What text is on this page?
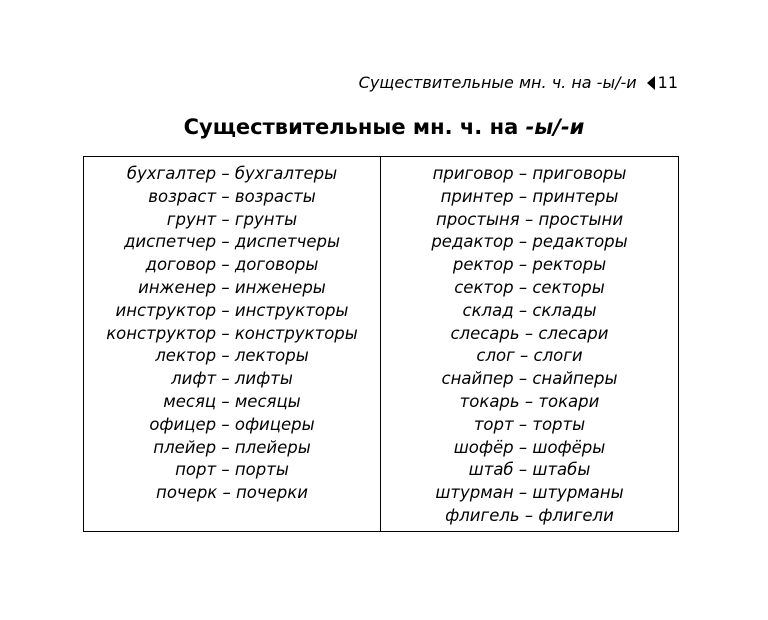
Существительные мн. ч. на -ы/-и 11
Существительные мн. ч. на -ы/-и
бухгалтер – бухгалтеры
возраст – возрасты
грунт – грунты
диспетчер – диспетчеры
договор – договоры
инженер – инженеры
инструктор – инструкторы
конструктор – конструкторы
лектор – лекторы
лифт – лифты
месяц – месяцы
офицер – офицеры
плейер – плейеры
порт – порты
почерк – почерки
приговор – приговоры
принтер – принтеры
простыня – простыни
редактор – редакторы
ректор – ректоры
сектор – секторы
склад – склады
слесарь – слесари
слог – слоги
снайпер – снайперы
токарь – токари
торт – торты
шофёр – шофёры
штаб – штабы
штурман – штурманы
флигель – флигели
